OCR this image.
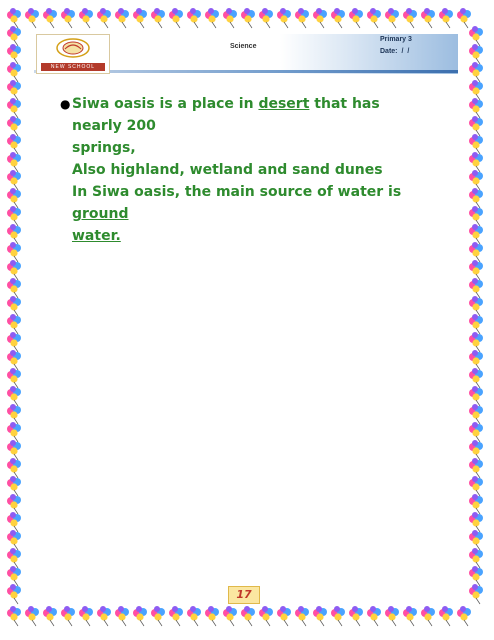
NEW SCHOOL
Science
Primary 3
Date: / /
● Siwa oasis is a place in desert that has nearly 200

springs,

Also highland, wetland and sand dunes

In Siwa oasis, the main source of water is ground

water.

17
